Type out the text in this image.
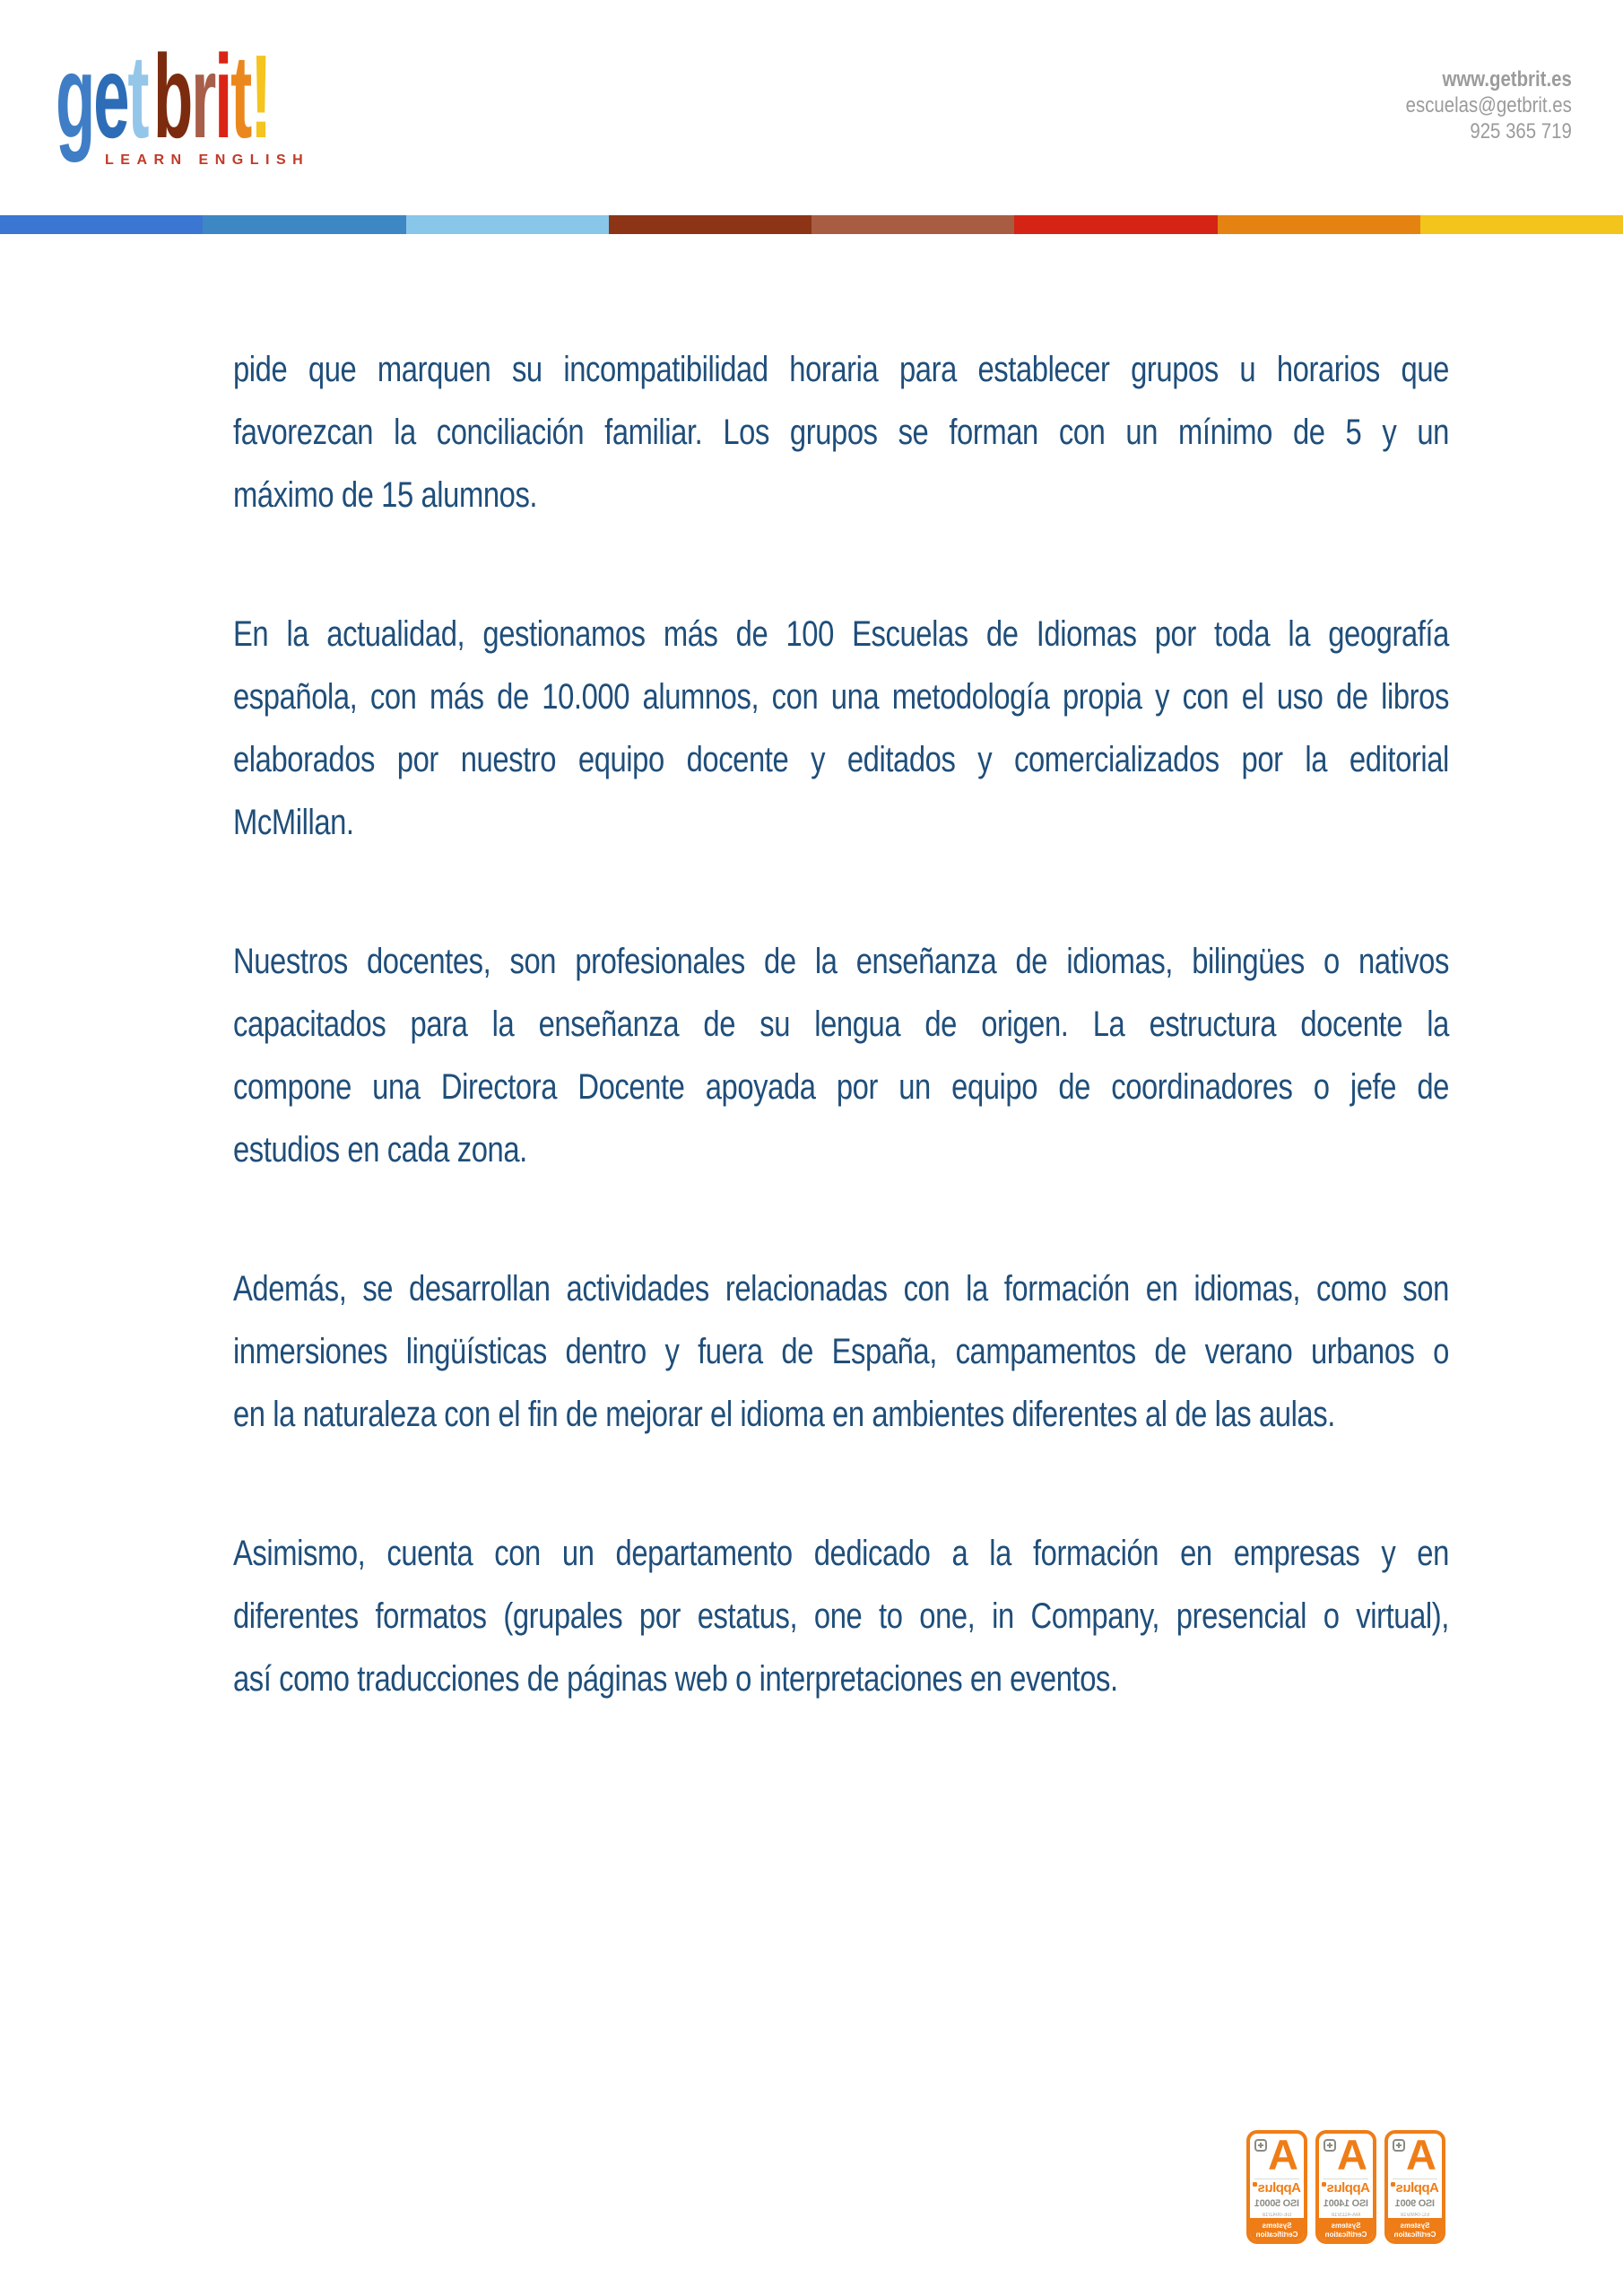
getbrit!
LEARN ENGLISH
www.getbrit.es
escuelas@getbrit.es
925 365 719
pide que marquen su incompatibilidad horaria para establecer grupos u horarios que
favorezcan la conciliación familiar. Los grupos se forman con un mínimo de 5 y un
máximo de 15 alumnos.
En la actualidad, gestionamos más de 100 Escuelas de Idiomas por toda la geografía
española, con más de 10.000 alumnos, con una metodología propia y con el uso de libros
elaborados por nuestro equipo docente y editados y comercializados por la editorial
McMillan.
Nuestros docentes, son profesionales de la enseñanza de idiomas, bilingües o nativos
capacitados para la enseñanza de su lengua de origen. La estructura docente la
compone una Directora Docente apoyada por un equipo de coordinadores o jefe de
estudios en cada zona.
Además, se desarrollan actividades relacionadas con la formación en idiomas, como son
inmersiones lingüísticas dentro y fuera de España, campamentos de verano urbanos o
en la naturaleza con el fin de mejorar el idioma en ambientes diferentes al de las aulas.
Asimismo, cuenta con un departamento dedicado a la formación en empresas y en
diferentes formatos (grupales por estatus, one to one, in Company, presencial o virtual),
así como traducciones de páginas web o interpretaciones en eventos.
A
Applus
ISO 50001
GE-0042/18
Systems
Certification
A
Applus
ISO 14001
MA-4115/18
Systems
Certification
A
Applus
ISO 9001
EC-0495/18
Systems
Certification
